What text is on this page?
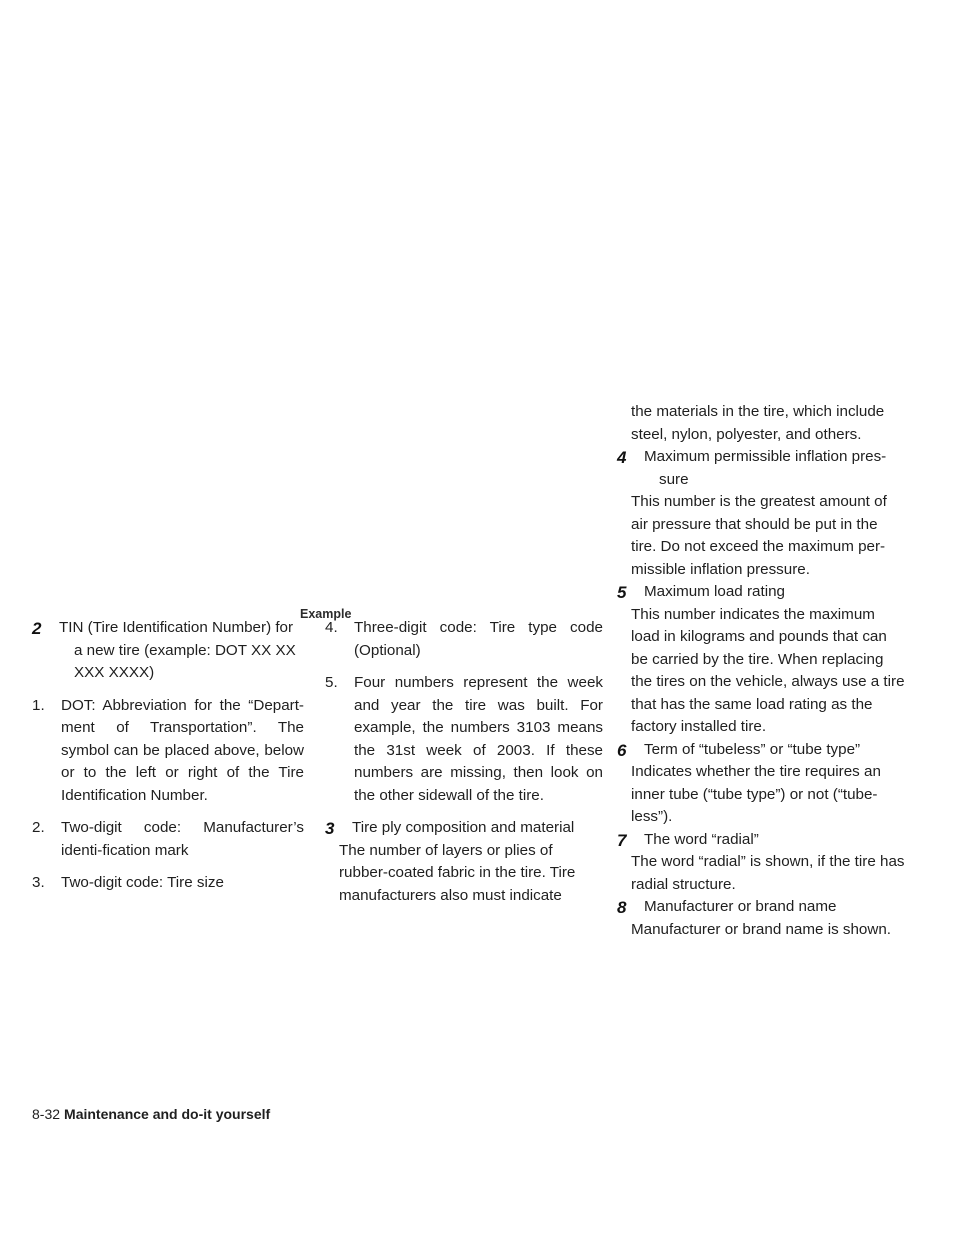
Example
2 TIN (Tire Identification Number) for a new tire (example: DOT XX XX XXX XXXX)
1. DOT: Abbreviation for the “Depart-ment of Transportation”. The symbol can be placed above, below or to the left or right of the Tire Identification Number.
2. Two-digit code: Manufacturer’s identi-fication mark
3. Two-digit code: Tire size
4. Three-digit code: Tire type code (Optional)
5. Four numbers represent the week and year the tire was built. For example, the numbers 3103 means the 31st week of 2003. If these numbers are missing, then look on the other sidewall of the tire.
3 Tire ply composition and material
The number of layers or plies of rubber-coated fabric in the tire. Tire manufacturers also must indicate
the materials in the tire, which include steel, nylon, polyester, and others.
4 Maximum permissible inflation pres-sure
This number is the greatest amount of air pressure that should be put in the tire. Do not exceed the maximum per-missible inflation pressure.
5 Maximum load rating
This number indicates the maximum load in kilograms and pounds that can be carried by the tire. When replacing the tires on the vehicle, always use a tire that has the same load rating as the factory installed tire.
6 Term of “tubeless” or “tube type”
Indicates whether the tire requires an inner tube (“tube type”) or not (“tube-less”).
7 The word “radial”
The word “radial” is shown, if the tire has radial structure.
8 Manufacturer or brand name
Manufacturer or brand name is shown.
8-32 Maintenance and do-it yourself
